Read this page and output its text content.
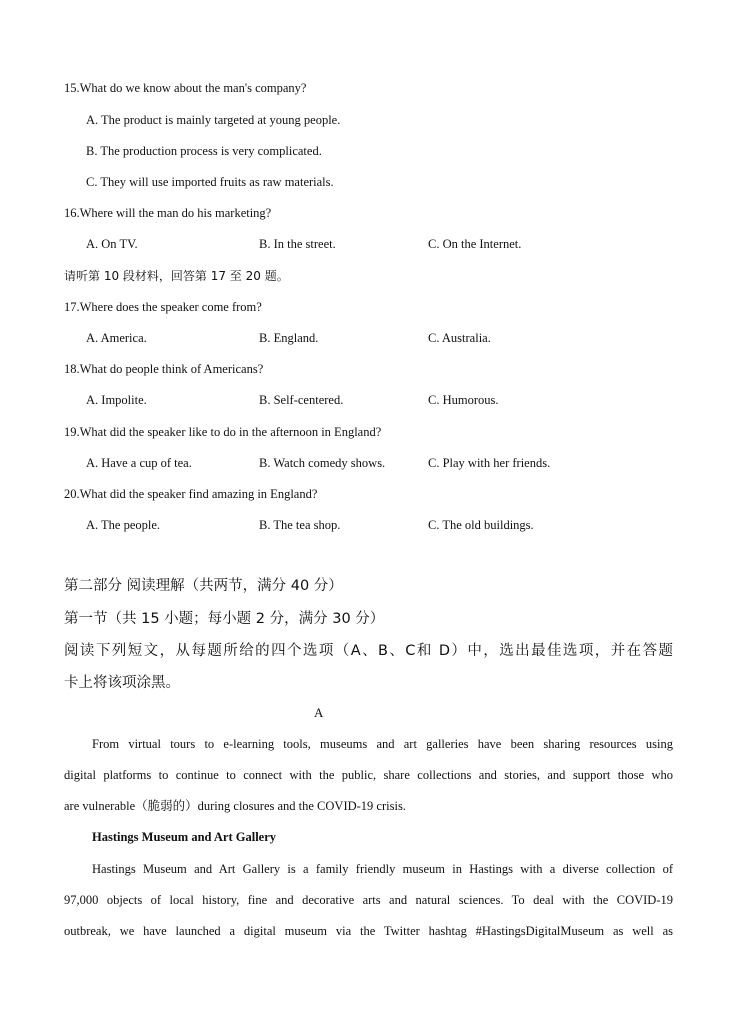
15.What do we know about the man's company?
A. The product is mainly targeted at young people.
B. The production process is very complicated.
C. They will use imported fruits as raw materials.
16.Where will the man do his marketing?
A. On TV.	B. In the street.	C. On the Internet.
请听第 10 段材料，回答第 17 至 20 题。
17.Where does the speaker come from?
A. America.	B. England.	C. Australia.
18.What do people think of Americans?
A. Impolite.	B. Self-centered.	C. Humorous.
19.What did the speaker like to do in the afternoon in England?
A. Have a cup of tea.	B. Watch comedy shows.	C. Play with her friends.
20.What did the speaker find amazing in England?
A. The people.	B. The tea shop.	C. The old buildings.
第二部分 阅读理解（共两节，满分 40 分）
第一节（共 15 小题；每小题 2 分，满分 30 分）
阅读下列短文，从每题所给的四个选项（A、B、C和 D）中，选出最佳选项，并在答题
卡上将该项涂黑。
A
From virtual tours to e-learning tools, museums and art galleries have been sharing resources using
digital platforms to continue to connect with the public, share collections and stories, and support those who
are vulnerable（脆弱的）during closures and the COVID-19 crisis.
Hastings Museum and Art Gallery
Hastings Museum and Art Gallery is a family friendly museum in Hastings with a diverse collection of
97,000 objects of local history, fine and decorative arts and natural sciences. To deal with the COVID-19
outbreak, we have launched a digital museum via the Twitter hashtag #HastingsDigitalMuseum as well as
